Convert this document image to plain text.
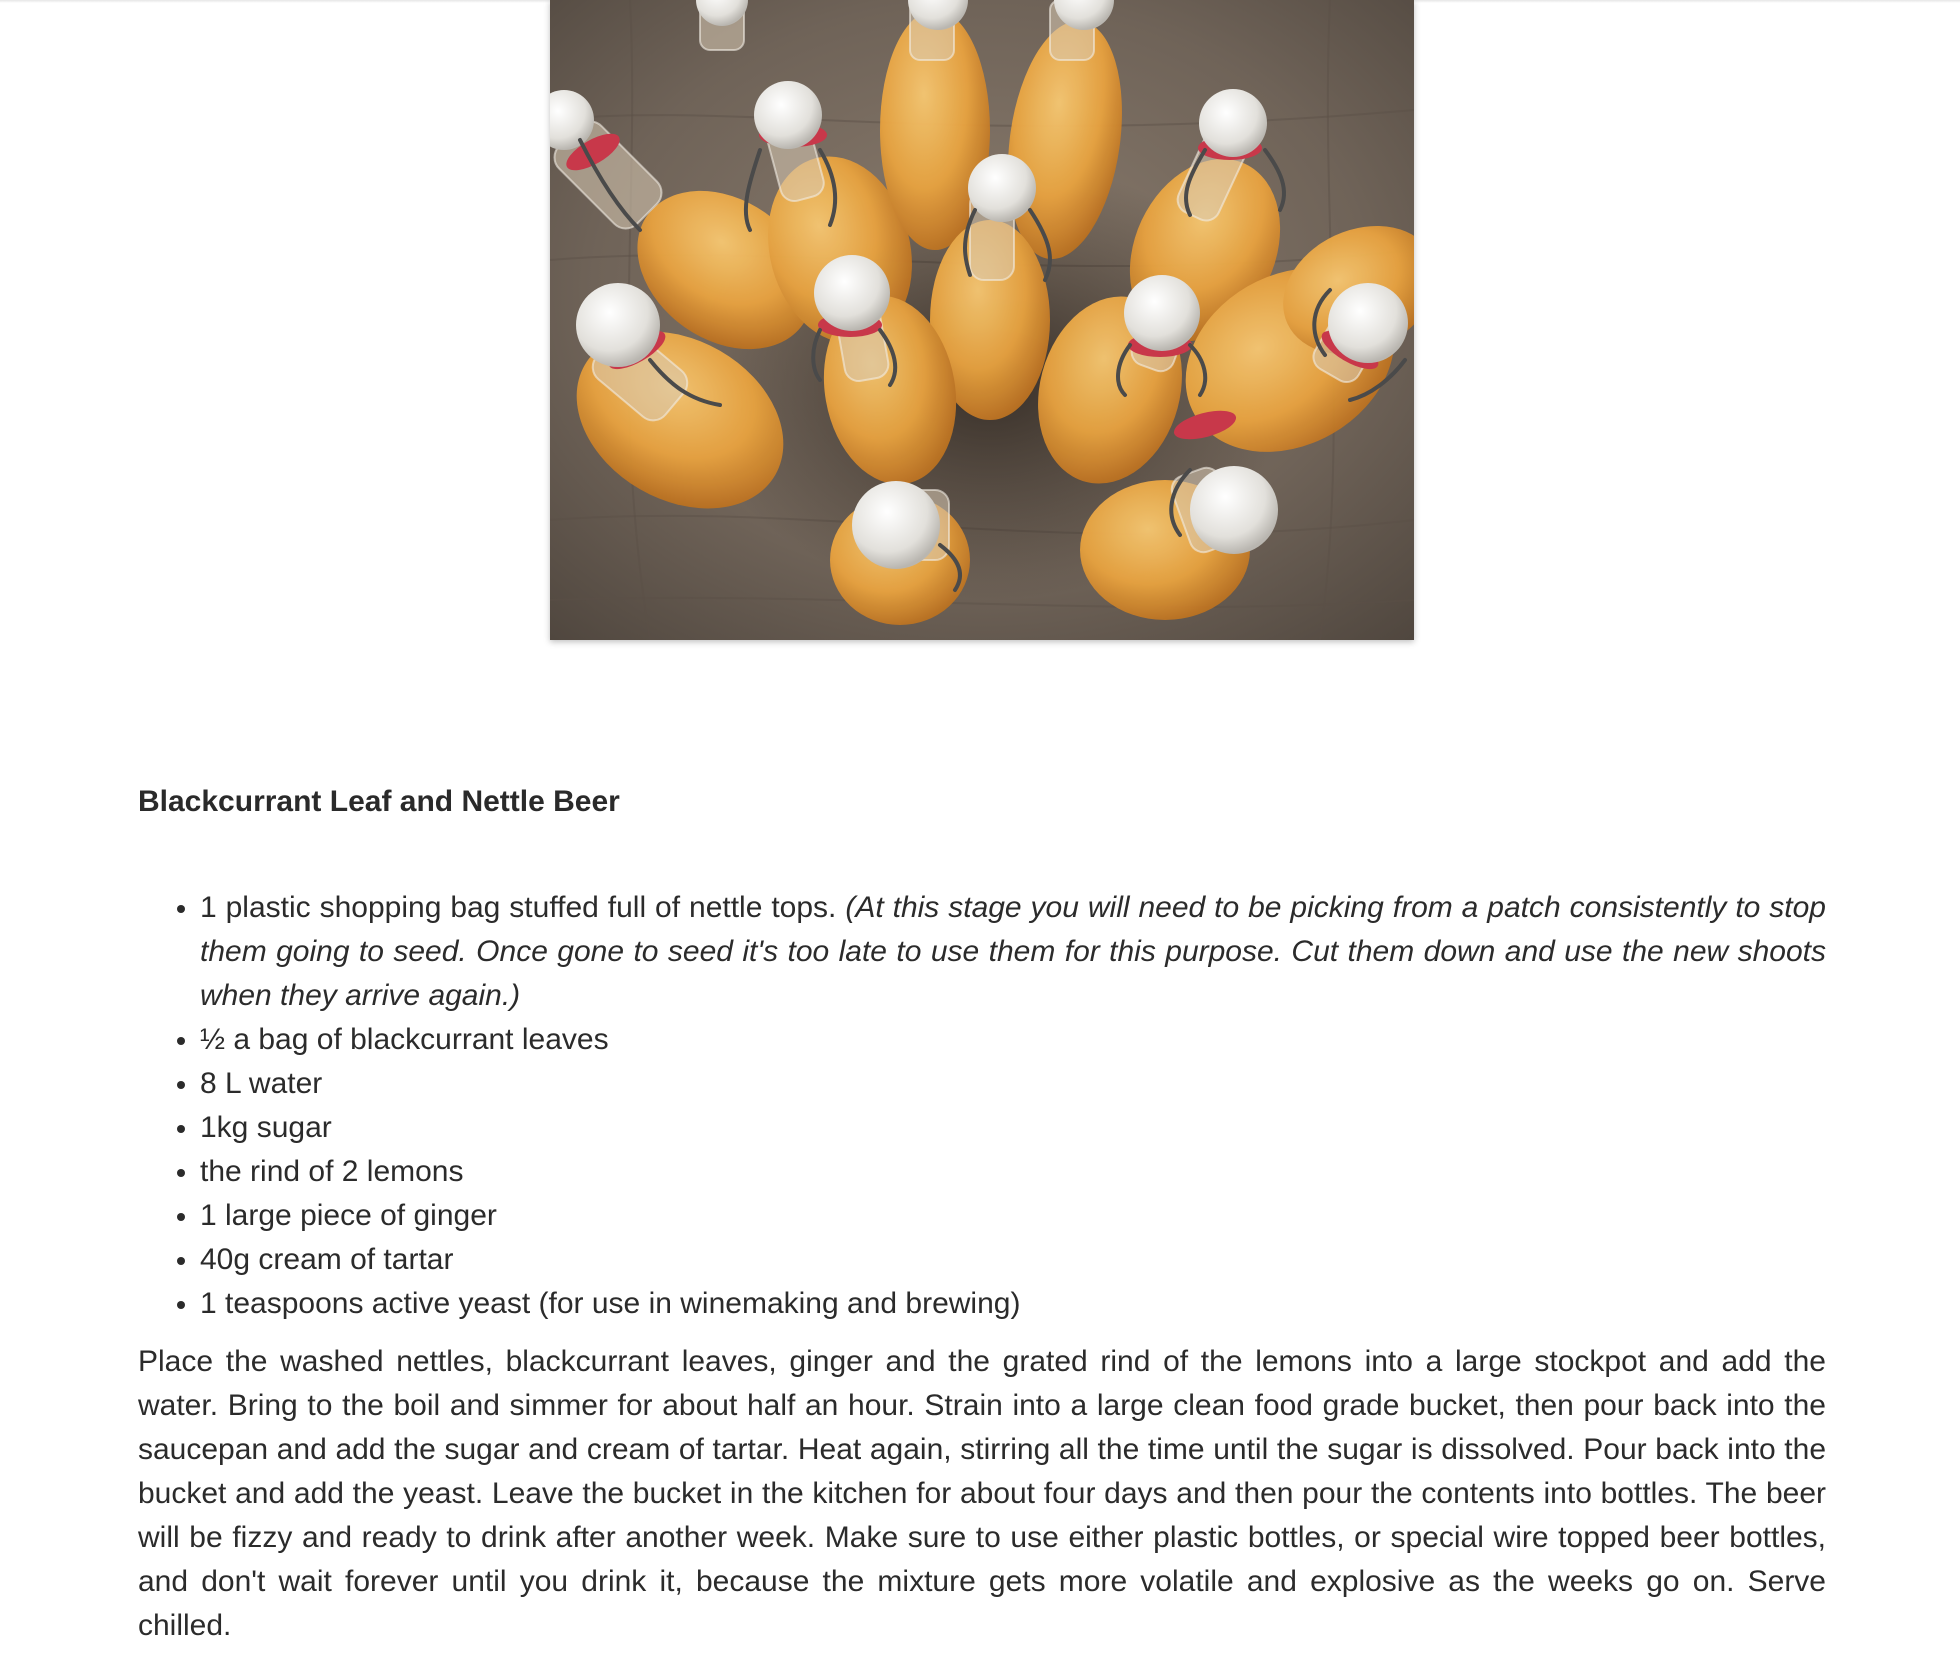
Blackcurrant Leaf and Nettle Beer
• 1 plastic shopping bag stuffed full of nettle tops. (At this stage you will need to be picking from a patch consistently to stop them going to seed. Once gone to seed it's too late to use them for this purpose. Cut them down and use the new shoots when they arrive again.)
• ½ a bag of blackcurrant leaves
• 8 L water
• 1kg sugar
• the rind of 2 lemons
• 1 large piece of ginger
• 40g cream of tartar
• 1 teaspoons active yeast (for use in winemaking and brewing)

Place the washed nettles, blackcurrant leaves, ginger and the grated rind of the lemons into a large stockpot and add the water. Bring to the boil and simmer for about half an hour. Strain into a large clean food grade bucket, then pour back into the saucepan and add the sugar and cream of tartar. Heat again, stirring all the time until the sugar is dissolved. Pour back into the bucket and add the yeast. Leave the bucket in the kitchen for about four days and then pour the contents into bottles. The beer will be fizzy and ready to drink after another week. Make sure to use either plastic bottles, or special wire topped beer bottles, and don't wait forever until you drink it, because the mixture gets more volatile and explosive as the weeks go on. Serve chilled.
